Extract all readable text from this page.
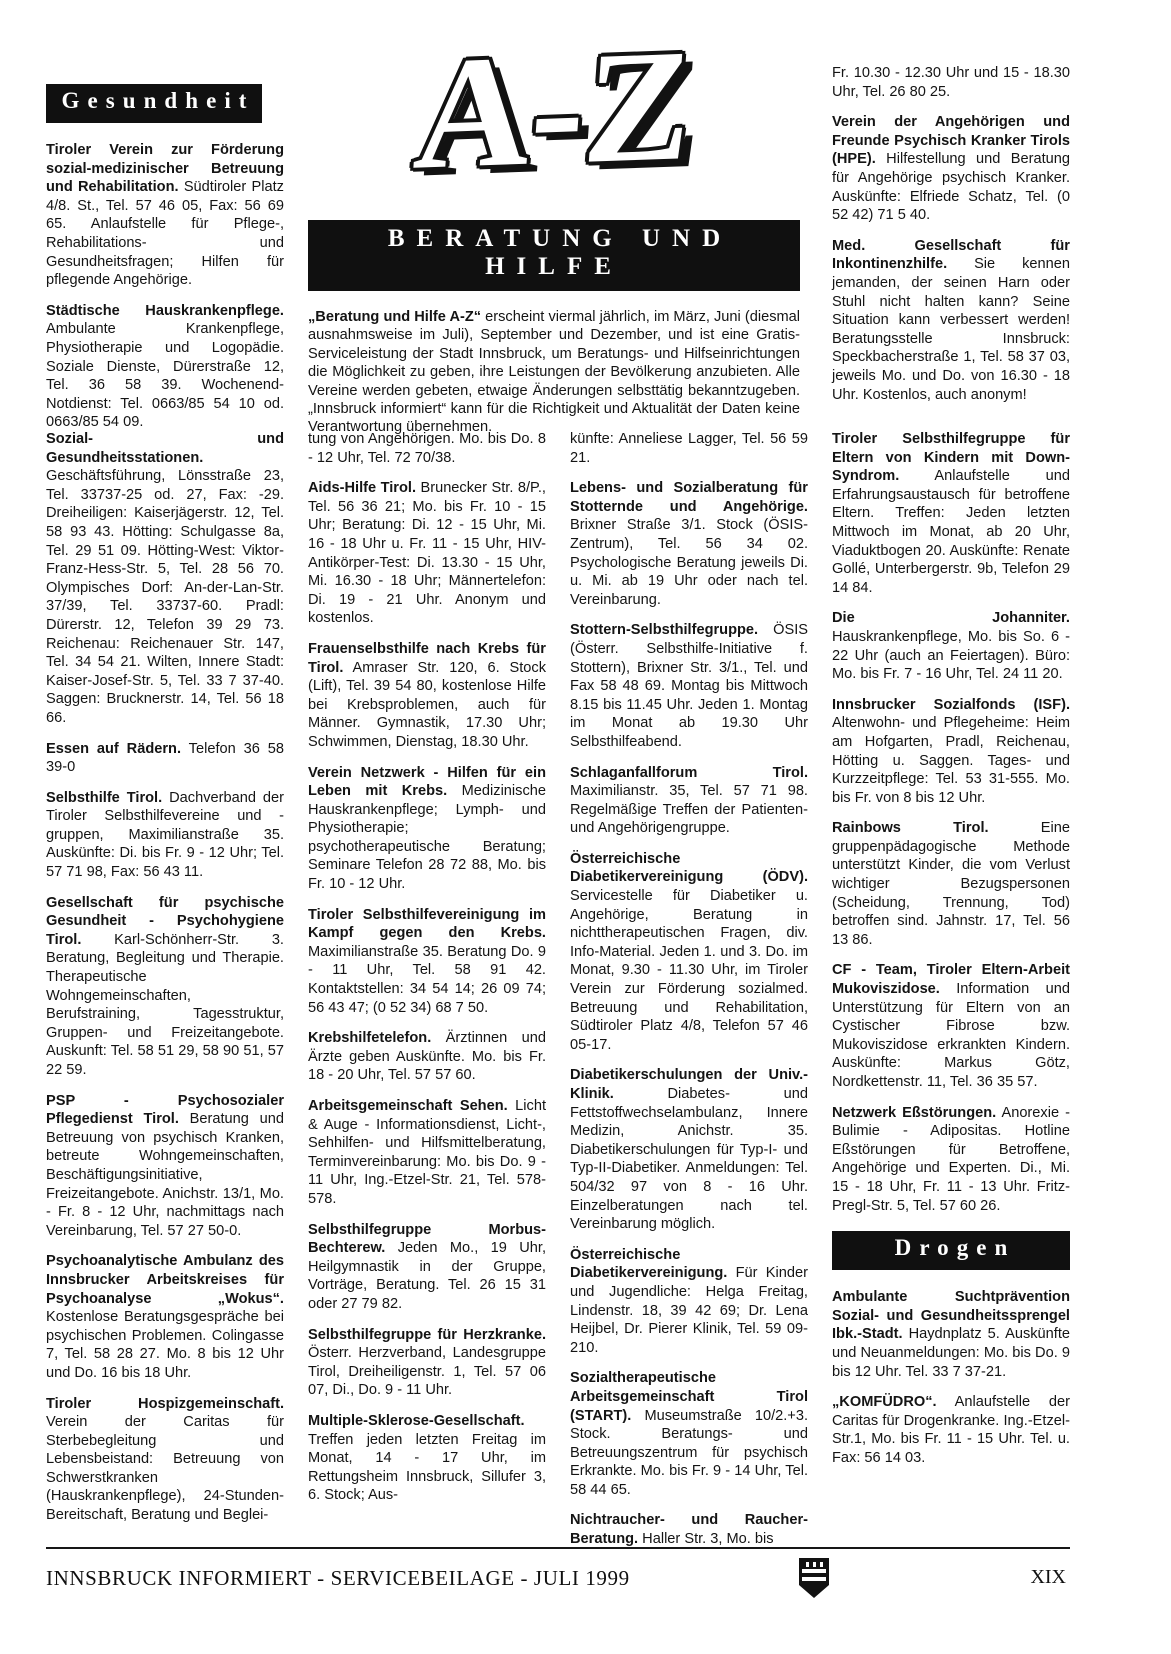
Gesundheit

Tiroler Verein zur Förderung sozial-medizinischer Betreuung und Rehabilitation. Südtiroler Platz 4/8. St., Tel. 57 46 05, Fax: 56 69 65. Anlaufstelle für Pflege-, Rehabilitations- und Gesundheitsfragen; Hilfen für pflegende Angehörige.

Städtische Hauskrankenpflege. Ambulante Krankenpflege, Physiotherapie und Logopädie. Soziale Dienste, Dürerstraße 12, Tel. 36 58 39. Wochenend-Notdienst: Tel. 0663/85 54 10 od. 0663/85 54 09.

A-Z
BERATUNG UND HILFE

„Beratung und Hilfe A-Z“ erscheint viermal jährlich, im März, Juni (diesmal ausnahmsweise im Juli), September und Dezember, und ist eine Gratis-Serviceleistung der Stadt Innsbruck, um Beratungs- und Hilfseinrichtungen die Möglichkeit zu geben, ihre Leistungen der Bevölkerung anzubieten. Alle Vereine werden gebeten, etwaige Änderungen selbsttätig bekanntzugeben. „Innsbruck informiert“ kann für die Richtigkeit und Aktualität der Daten keine Verantwortung übernehmen.

Fr. 10.30 - 12.30 Uhr und 15 - 18.30 Uhr, Tel. 26 80 25.

Verein der Angehörigen und Freunde Psychisch Kranker Tirols (HPE). Hilfestellung und Beratung für Angehörige psychisch Kranker. Auskünfte: Elfriede Schatz, Tel. (0 52 42) 71 5 40.

Med. Gesellschaft für Inkontinenzhilfe. Sie kennen jemanden, der seinen Harn oder Stuhl nicht halten kann? Seine Situation kann verbessert werden! Beratungsstelle Innsbruck: Speckbacherstraße 1, Tel. 58 37 03, jeweils Mo. und Do. von 16.30 - 18 Uhr. Kostenlos, auch anonym!

Sozial- und Gesundheitsstationen. Geschäftsführung, Lönsstraße 23, Tel. 33737-25 od. 27, Fax: -29. Dreiheiligen: Kaiserjägerstr. 12, Tel. 58 93 43. Hötting: Schulgasse 8a, Tel. 29 51 09. Hötting-West: Viktor-Franz-Hess-Str. 5, Tel. 28 56 70. Olympisches Dorf: An-der-Lan-Str. 37/39, Tel. 33737-60. Pradl: Dürerstr. 12, Telefon 39 29 73. Reichenau: Reichenauer Str. 147, Tel. 34 54 21. Wilten, Innere Stadt: Kaiser-Josef-Str. 5, Tel. 33 7 37-40. Saggen: Brucknerstr. 14, Tel. 56 18 66.

Essen auf Rädern. Telefon 36 58 39-0

Selbsthilfe Tirol. Dachverband der Tiroler Selbsthilfevereine und -gruppen, Maximilianstraße 35. Auskünfte: Di. bis Fr. 9 - 12 Uhr; Tel. 57 71 98, Fax: 56 43 11.

Gesellschaft für psychische Gesundheit - Psychohygiene Tirol. Karl-Schönherr-Str. 3. Beratung, Begleitung und Therapie. Therapeutische Wohngemeinschaften, Berufstraining, Tagesstruktur, Gruppen- und Freizeitangebote. Auskunft: Tel. 58 51 29, 58 90 51, 57 22 59.

PSP - Psychosozialer Pflegedienst Tirol. Beratung und Betreuung von psychisch Kranken, betreute Wohngemeinschaften, Beschäftigungsinitiative, Freizeitangebote. Anichstr. 13/1, Mo. - Fr. 8 - 12 Uhr, nachmittags nach Vereinbarung, Tel. 57 27 50-0.

Psychoanalytische Ambulanz des Innsbrucker Arbeitskreises für Psychoanalyse „Wokus“. Kostenlose Beratungsgespräche bei psychischen Problemen. Colingasse 7, Tel. 58 28 27. Mo. 8 bis 12 Uhr und Do. 16 bis 18 Uhr.

Tiroler Hospizgemeinschaft. Verein der Caritas für Sterbebegleitung und Lebensbeistand: Betreuung von Schwerstkranken (Hauskrankenpflege), 24-Stunden-Bereitschaft, Beratung und Beglei-

tung von Angehörigen. Mo. bis Do. 8 - 12 Uhr, Tel. 72 70/38.

Aids-Hilfe Tirol. Brunecker Str. 8/P., Tel. 56 36 21; Mo. bis Fr. 10 - 15 Uhr; Beratung: Di. 12 - 15 Uhr, Mi. 16 - 18 Uhr u. Fr. 11 - 15 Uhr, HIV-Antikörper-Test: Di. 13.30 - 15 Uhr, Mi. 16.30 - 18 Uhr; Männertelefon: Di. 19 - 21 Uhr. Anonym und kostenlos.

Frauenselbsthilfe nach Krebs für Tirol. Amraser Str. 120, 6. Stock (Lift), Tel. 39 54 80, kostenlose Hilfe bei Krebsproblemen, auch für Männer. Gymnastik, 17.30 Uhr; Schwimmen, Dienstag, 18.30 Uhr.

Verein Netzwerk - Hilfen für ein Leben mit Krebs. Medizinische Hauskrankenpflege; Lymph- und Physiotherapie; psychotherapeutische Beratung; Seminare Telefon 28 72 88, Mo. bis Fr. 10 - 12 Uhr.

Tiroler Selbsthilfevereinigung im Kampf gegen den Krebs. Maximilianstraße 35. Beratung Do. 9 - 11 Uhr, Tel. 58 91 42. Kontaktstellen: 34 54 14; 26 09 74; 56 43 47; (0 52 34) 68 7 50.

Krebshilfetelefon. Ärztinnen und Ärzte geben Auskünfte. Mo. bis Fr. 18 - 20 Uhr, Tel. 57 57 60.

Arbeitsgemeinschaft Sehen. Licht & Auge - Informationsdienst, Licht-, Sehhilfen- und Hilfsmittelberatung, Terminvereinbarung: Mo. bis Do. 9 - 11 Uhr, Ing.-Etzel-Str. 21, Tel. 578-578.

Selbsthilfegruppe Morbus-Bechterew. Jeden Mo., 19 Uhr, Heilgymnastik in der Gruppe, Vorträge, Beratung. Tel. 26 15 31 oder 27 79 82.

Selbsthilfegruppe für Herzkranke. Österr. Herzverband, Landesgruppe Tirol, Dreiheiligenstr. 1, Tel. 57 06 07, Di., Do. 9 - 11 Uhr.

Multiple-Sklerose-Gesellschaft. Treffen jeden letzten Freitag im Monat, 14 - 17 Uhr, im Rettungsheim Innsbruck, Sillufer 3, 6. Stock; Aus-

künfte: Anneliese Lagger, Tel. 56 59 21.

Lebens- und Sozialberatung für Stotternde und Angehörige. Brixner Straße 3/1. Stock (ÖSIS-Zentrum), Tel. 56 34 02. Psychologische Beratung jeweils Di. u. Mi. ab 19 Uhr oder nach tel. Vereinbarung.

Stottern-Selbsthilfegruppe. ÖSIS (Österr. Selbsthilfe-Initiative f. Stottern), Brixner Str. 3/1., Tel. und Fax 58 48 69. Montag bis Mittwoch 8.15 bis 11.45 Uhr. Jeden 1. Montag im Monat ab 19.30 Uhr Selbsthilfeabend.

Schlaganfallforum Tirol. Maximilianstr. 35, Tel. 57 71 98. Regelmäßige Treffen der Patienten- und Angehörigengruppe.

Österreichische Diabetikervereinigung (ÖDV). Servicestelle für Diabetiker u. Angehörige, Beratung in nichttherapeutischen Fragen, div. Info-Material. Jeden 1. und 3. Do. im Monat, 9.30 - 11.30 Uhr, im Tiroler Verein zur Förderung sozialmed. Betreuung und Rehabilitation, Südtiroler Platz 4/8, Telefon 57 46 05-17.

Diabetikerschulungen der Univ.-Klinik.	Diabetes- und Fettstoffwechselambulanz, Innere Medizin, Anichstr. 35. Diabetikerschulungen für Typ-I- und Typ-II-Diabetiker. Anmeldungen: Tel. 504/32 97 von 8 - 16 Uhr. Einzelberatungen nach tel. Vereinbarung möglich.

Österreichische Diabetikervereinigung. Für Kinder und Jugendliche: Helga Freitag, Lindenstr. 18, 39 42 69; Dr. Lena Heijbel, Dr. Pierer Klinik, Tel. 59 09-210.

Sozialtherapeutische Arbeitsgemeinschaft Tirol (START). Museumstraße 10/2.+3. Stock. Beratungs- und Betreuungszentrum für psychisch Erkrankte. Mo. bis Fr. 9 - 14 Uhr, Tel. 58 44 65.

Nichtraucher- und Raucher-Beratung. Haller Str. 3, Mo. bis

Tiroler Selbsthilfegruppe für Eltern von Kindern mit Down-Syndrom. Anlaufstelle und Erfahrungsaustausch für betroffene Eltern. Treffen: Jeden letzten Mittwoch im Monat, ab 20 Uhr, Viaduktbogen 20. Auskünfte: Renate Gollé, Unterbergerstr. 9b, Telefon 29 14 84.

Die Johanniter. Hauskrankenpflege, Mo. bis So. 6 - 22 Uhr (auch an Feiertagen). Büro: Mo. bis Fr. 7 - 16 Uhr, Tel. 24 11 20.

Innsbrucker Sozialfonds (ISF). Altenwohn- und Pflegeheime: Heim am Hofgarten, Pradl, Reichenau, Hötting u. Saggen. Tages- und Kurzzeitpflege: Tel. 53 31-555. Mo. bis Fr. von 8 bis 12 Uhr.

Rainbows Tirol.	Eine gruppenpädagogische Methode unterstützt Kinder, die vom Verlust wichtiger Bezugspersonen (Scheidung, Trennung, Tod) betroffen sind. Jahnstr. 17, Tel. 56 13 86.

CF - Team, Tiroler Eltern-Arbeit Mukoviszidose. Information und Unterstützung für Eltern von an Cystischer Fibrose bzw. Mukoviszidose erkrankten Kindern. Auskünfte: Markus Götz, Nordkettenstr. 11, Tel. 36 35 57.

Netzwerk Eßstörungen. Anorexie - Bulimie - Adipositas. Hotline Eßstörungen für Betroffene, Angehörige und Experten. Di., Mi. 15 - 18 Uhr, Fr. 11 - 13 Uhr. Fritz-Pregl-Str. 5, Tel. 57 60 26.

Drogen

Ambulante Suchtprävention Sozial- und Gesundheitssprengel Ibk.-Stadt. Haydnplatz 5. Auskünfte und Neuanmeldungen: Mo. bis Do. 9 bis 12 Uhr. Tel. 33 7 37-21.

„KOMFÜDRO“. Anlaufstelle der Caritas für Drogenkranke. Ing.-Etzel-Str.1, Mo. bis Fr. 11 - 15 Uhr. Tel. u. Fax: 56 14 03.

INNSBRUCK INFORMIERT - SERVICEBEILAGE - JULI 1999	XIX
